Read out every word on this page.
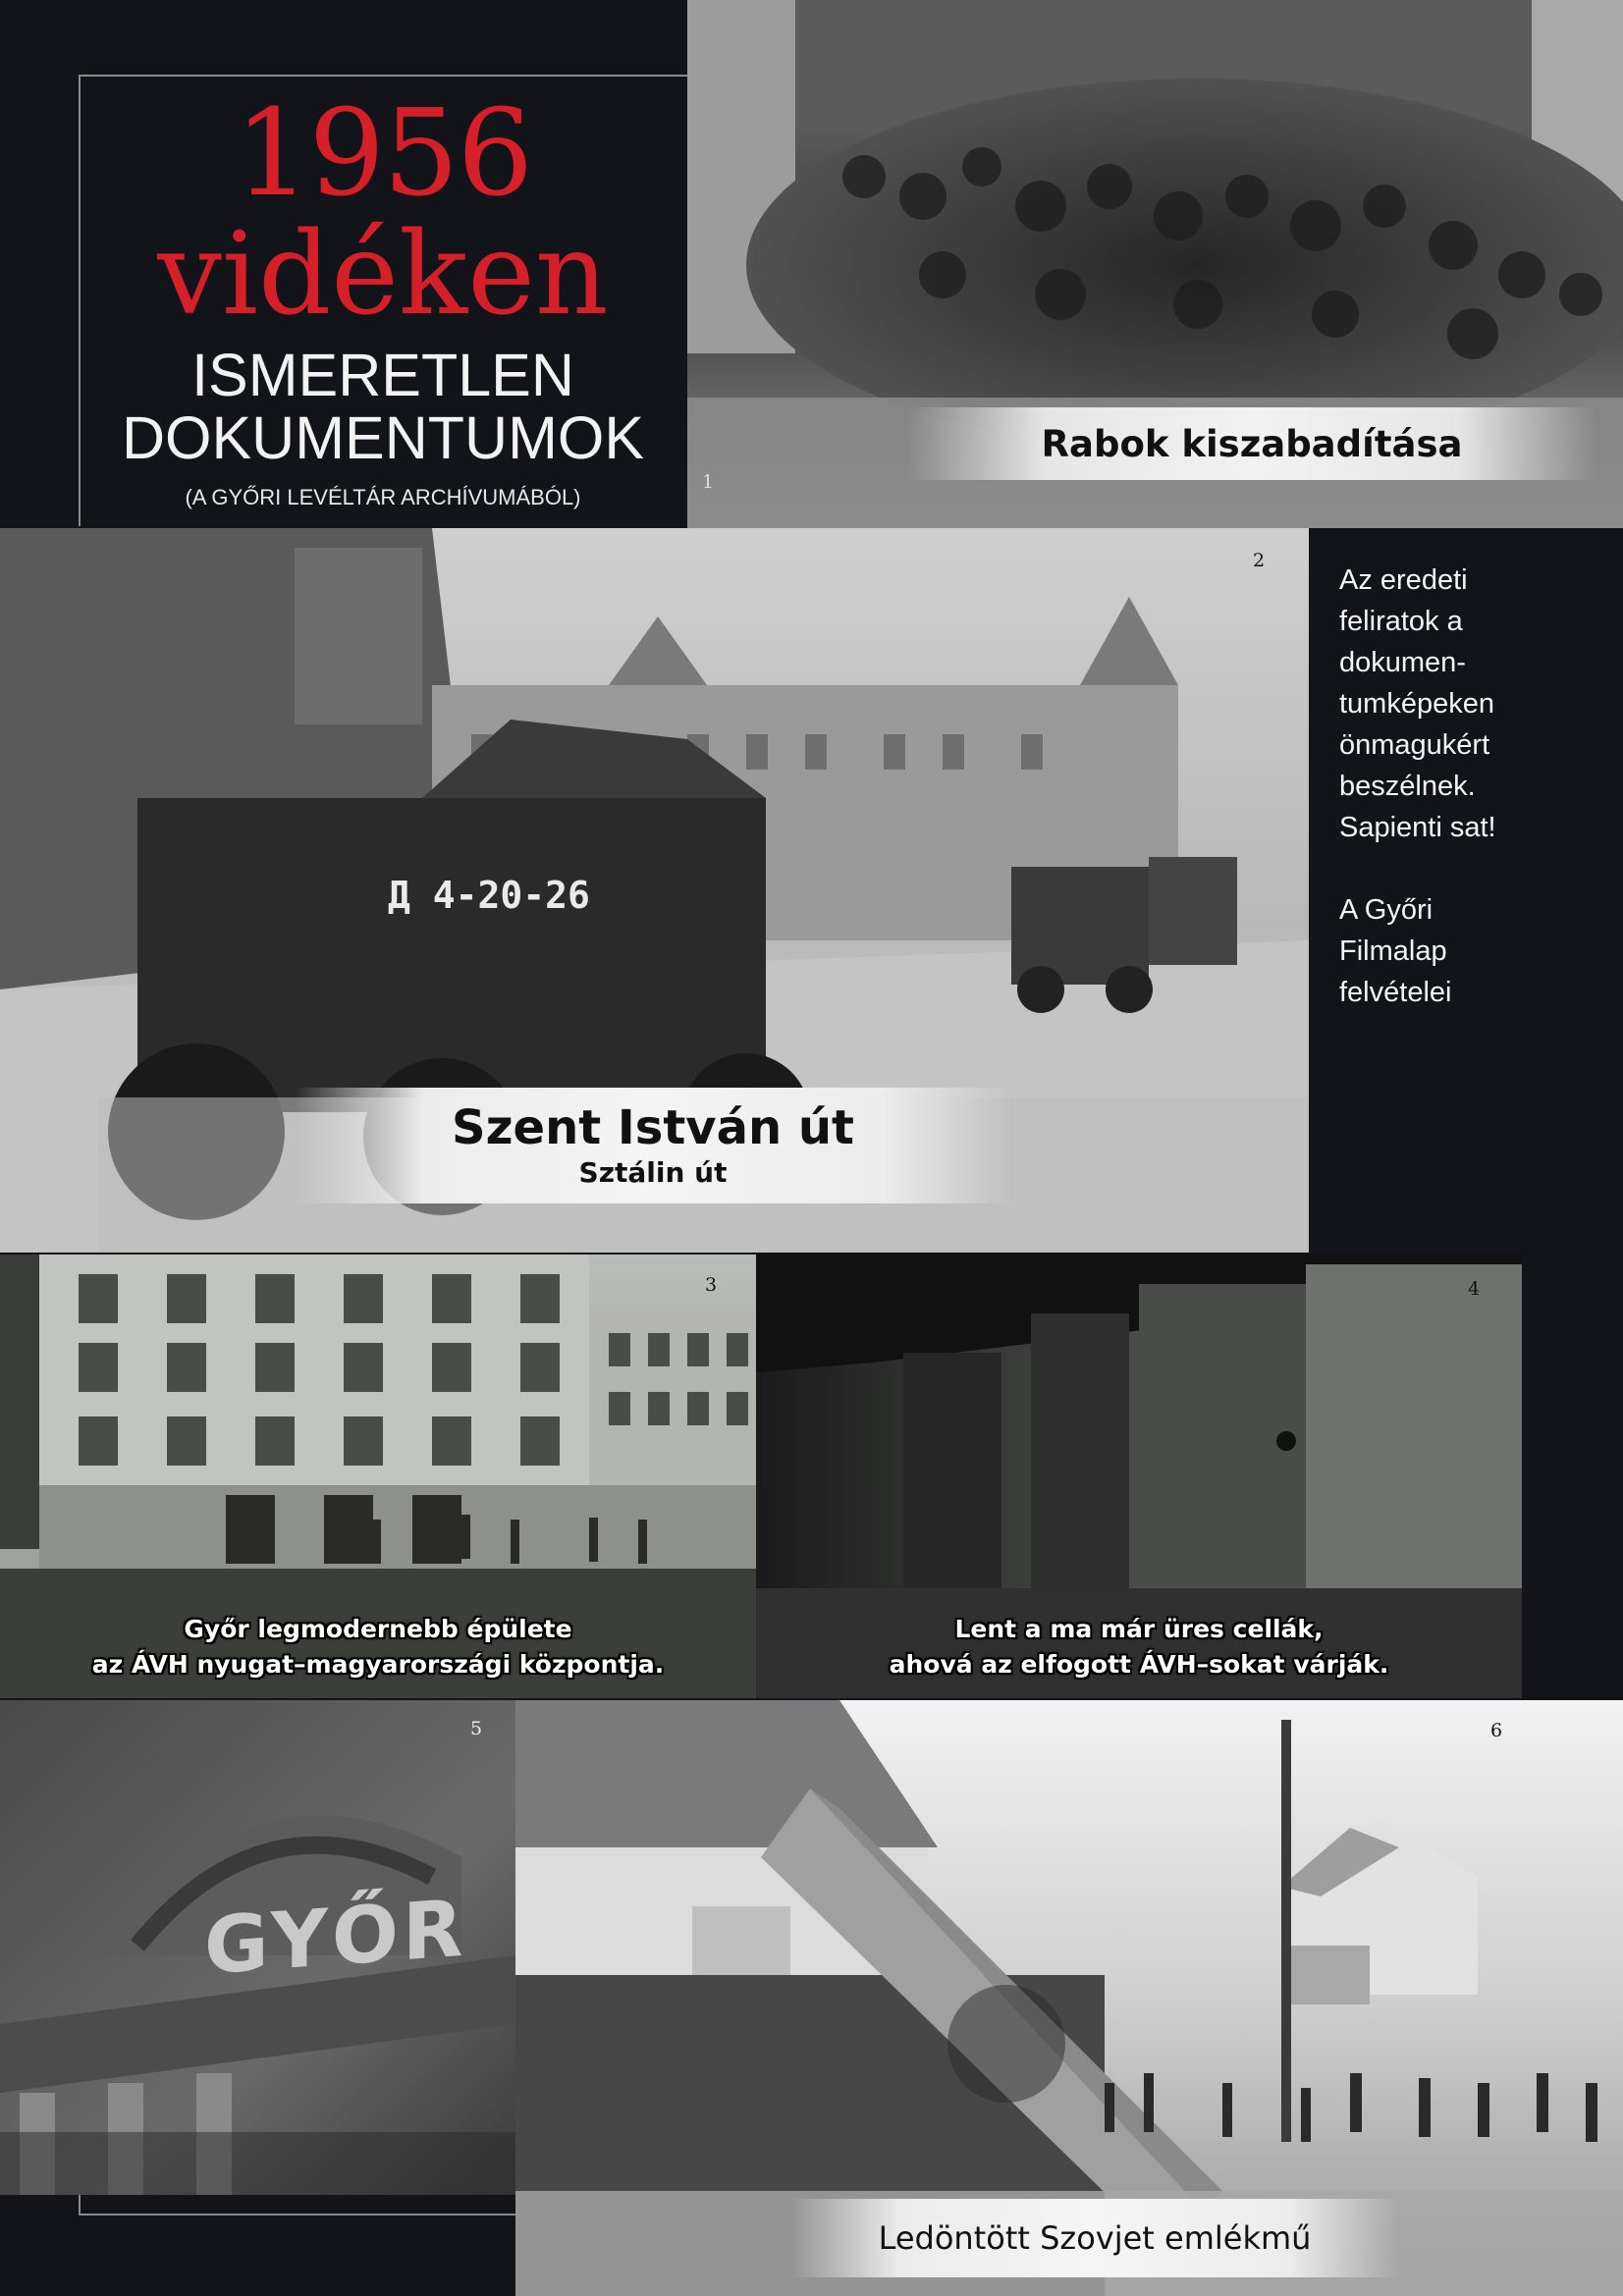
1956
vidéken
ISMERETLEN
DOKUMENTUMOK
(A GYŐRI LEVÉLTÁR ARCHÍVUMÁBÓL)
Rabok kiszabadítása
1
Д 4-20-26
Szent István út
Sztálin út
2

Az eredeti

feliratok a

dokumen-

tumképeken

önmagukért

beszélnek.

Sapienti sat!

A Győri

Filmalap

felvételei

Győr legmodernebb épülete
az ÁVH nyugat–magyarországi központja.
3
Lent a ma már üres cellák,
ahová az elfogott ÁVH–sokat várják.
4
GYŐR
5
Ledöntött Szovjet emlékmű
6
